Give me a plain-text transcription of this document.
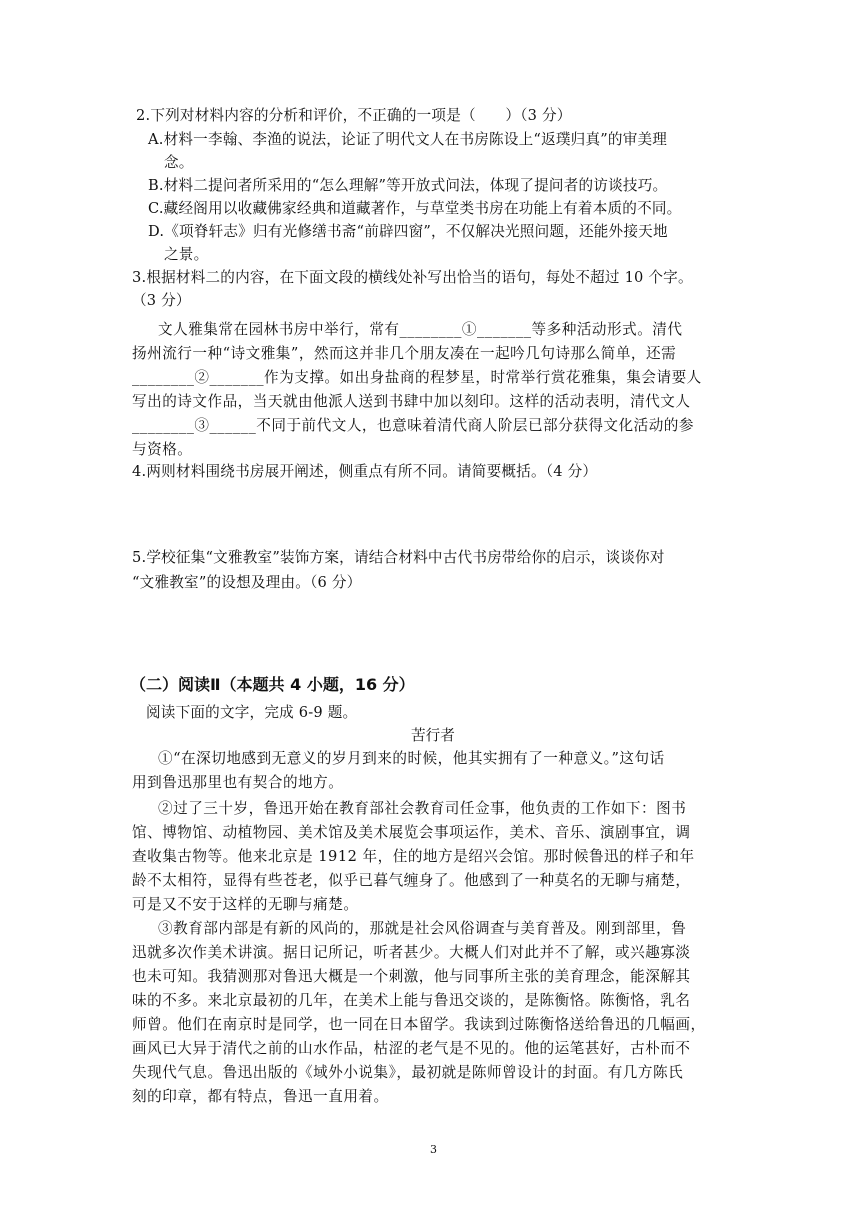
2.下列对材料内容的分析和评价，不正确的一项是（　　）（3 分）
A.材料一李翰、李渔的说法，论证了明代文人在书房陈设上“返璞归真”的审美理
念。
B.材料二提问者所采用的“怎么理解”等开放式问法，体现了提问者的访谈技巧。
C.藏经阁用以收藏佛家经典和道藏著作，与草堂类书房在功能上有着本质的不同。
D.《项脊轩志》归有光修缮书斋“前辟四窗”，不仅解决光照问题，还能外接天地
之景。
3.根据材料二的内容，在下面文段的横线处补写出恰当的语句，每处不超过 10 个字。
（3 分）
文人雅集常在园林书房中举行，常有________①_______等多种活动形式。清代
扬州流行一种“诗文雅集”，然而这并非几个朋友凑在一起吟几句诗那么简单，还需
________②_______作为支撑。如出身盐商的程梦星，时常举行赏花雅集，集会请要人
写出的诗文作品，当天就由他派人送到书肆中加以刻印。这样的活动表明，清代文人
________③______不同于前代文人，也意味着清代商人阶层已部分获得文化活动的参
与资格。
4.两则材料围绕书房展开阐述，侧重点有所不同。请简要概括。（4 分）
5.学校征集“文雅教室”装饰方案，请结合材料中古代书房带给你的启示，谈谈你对
“文雅教室”的设想及理由。（6 分）
（二）阅读Ⅱ（本题共 4 小题，16 分）
阅读下面的文字，完成 6-9 题。
苦行者
①“在深切地感到无意义的岁月到来的时候，他其实拥有了一种意义。”这句话
用到鲁迅那里也有契合的地方。
②过了三十岁，鲁迅开始在教育部社会教育司任佥事，他负责的工作如下：图书
馆、博物馆、动植物园、美术馆及美术展览会事项运作，美术、音乐、演剧事宜，调
查收集古物等。他来北京是 1912 年，住的地方是绍兴会馆。那时候鲁迅的样子和年
龄不太相符，显得有些苍老，似乎已暮气缠身了。他感到了一种莫名的无聊与痛楚，
可是又不安于这样的无聊与痛楚。
③教育部内部是有新的风尚的，那就是社会风俗调查与美育普及。刚到部里，鲁
迅就多次作美术讲演。据日记所记，听者甚少。大概人们对此并不了解，或兴趣寡淡
也未可知。我猜测那对鲁迅大概是一个刺激，他与同事所主张的美育理念，能深解其
味的不多。来北京最初的几年，在美术上能与鲁迅交谈的，是陈衡恪。陈衡恪，乳名
师曾。他们在南京时是同学，也一同在日本留学。我读到过陈衡恪送给鲁迅的几幅画，
画风已大异于清代之前的山水作品，枯涩的老气是不见的。他的运笔甚好，古朴而不
失现代气息。鲁迅出版的《域外小说集》，最初就是陈师曾设计的封面。有几方陈氏
刻的印章，都有特点，鲁迅一直用着。
3
